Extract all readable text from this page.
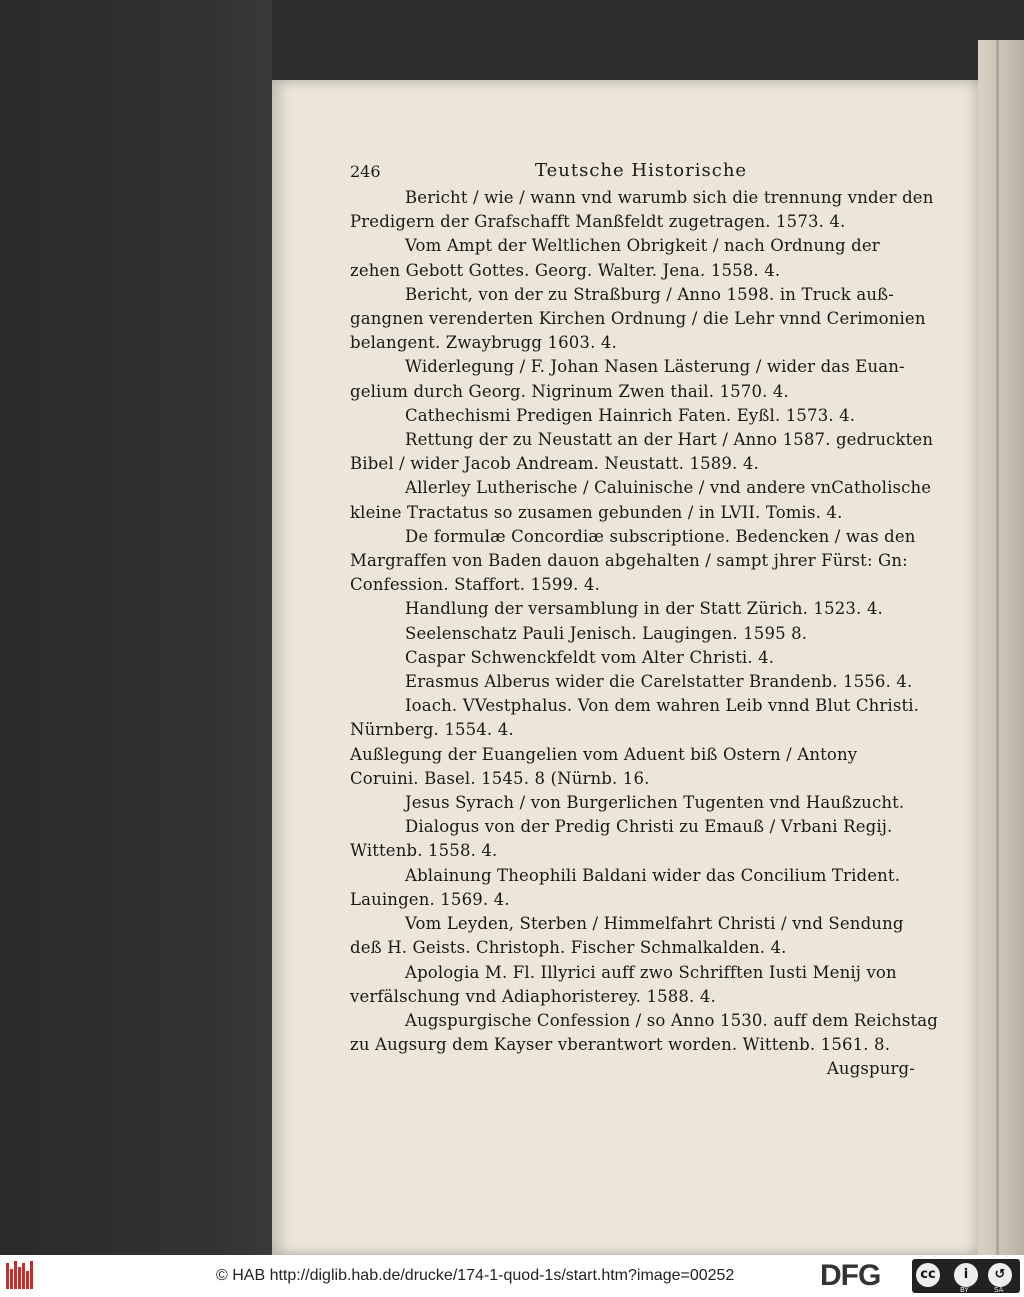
246	Teutsche Historische
Bericht / wie / wann vnd warumb sich die trennung vnder den
Predigern der Grafschafft Manßfeldt zugetragen. 1573. 4.
Vom Ampt der Weltlichen Obrigkeit / nach Ordnung der
zehen Gebott Gottes. Georg. Walter. Jena. 1558. 4.
Bericht, von der zu Straßburg / Anno 1598. in Truck auß-
gangnen verenderten Kirchen Ordnung / die Lehr vnnd Cerimonien
belangent. Zwaybrugg 1603. 4.
Widerlegung / F. Johan Nasen Lästerung / wider das Euan-
gelium durch Georg. Nigrinum Zwen thail. 1570. 4.
Cathechismi Predigen Hainrich Faten. Eyßl. 1573. 4.
Rettung der zu Neustatt an der Hart / Anno 1587. gedruckten
Bibel / wider Jacob Andream. Neustatt. 1589. 4.
Allerley Lutherische / Caluinische / vnd andere vnCatholische
kleine Tractatus so zusamen gebunden / in LVII. Tomis. 4.
De formulæ Concordiæ subscriptione. Bedencken / was den
Margraffen von Baden dauon abgehalten / sampt jhrer Fürst: Gn:
Confession. Staffort. 1599. 4.
Handlung der versamblung in der Statt Zürich. 1523. 4.
Seelenschatz Pauli Jenisch. Laugingen. 1595 8.
Caspar Schwenckfeldt vom Alter Christi. 4.
Erasmus Alberus wider die Carelstatter Brandenb. 1556. 4.
Ioach. VVestphalus. Von dem wahren Leib vnnd Blut Christi.
Nürnberg. 1554. 4.
Außlegung der Euangelien vom Aduent biß Ostern / Antony
Coruini. Basel. 1545. 8 (Nürnb. 16.
Jesus Syrach / von Burgerlichen Tugenten vnd Haußzucht.
Dialogus von der Predig Christi zu Emauß / Vrbani Regij.
Wittenb. 1558. 4.
Ablainung Theophili Baldani wider das Concilium Trident.
Lauingen. 1569. 4.
Vom Leyden, Sterben / Himmelfahrt Christi / vnd Sendung
deß H. Geists. Christoph. Fischer Schmalkalden. 4.
Apologia M. Fl. Illyrici auff zwo Schrifften Iusti Menij von
verfälschung vnd Adiaphoristerey. 1588. 4.
Augspurgische Confession / so Anno 1530. auff dem Reichstag
zu Augsurg dem Kayser vberantwort worden. Wittenb. 1561. 8.
Augspurg-
© HAB http://diglib.hab.de/drucke/174-1-quod-1s/start.htm?image=00252	DFG	cc	i	↺
BY	SA
